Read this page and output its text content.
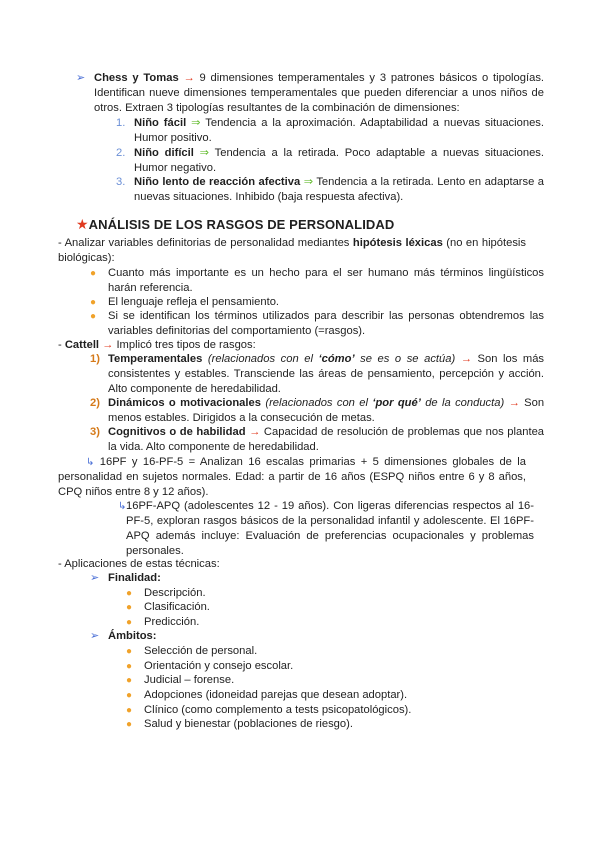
➢ Chess y Tomas → 9 dimensiones temperamentales y 3 patrones básicos o tipologías. Identifican nueve dimensiones temperamentales que pueden diferenciar a unos niños de otros. Extraen 3 tipologías resultantes de la combinación de dimensiones:
1. Niño fácil ⇒ Tendencia a la aproximación. Adaptabilidad a nuevas situaciones. Humor positivo.
2. Niño difícil ⇒ Tendencia a la retirada. Poco adaptable a nuevas situaciones. Humor negativo.
3. Niño lento de reacción afectiva ⇒ Tendencia a la retirada. Lento en adaptarse a nuevas situaciones. Inhibido (baja respuesta afectiva).
★ANÁLISIS DE LOS RASGOS DE PERSONALIDAD
- Analizar variables definitorias de personalidad mediantes hipótesis léxicas (no en hipótesis biológicas):
● Cuanto más importante es un hecho para el ser humano más términos lingüísticos harán referencia.
● El lenguaje refleja el pensamiento.
● Si se identifican los términos utilizados para describir las personas obtendremos las variables definitorias del comportamiento (=rasgos).
- Cattell → Implicó tres tipos de rasgos:
1) Temperamentales (relacionados con el ‘cómo’ se es o se actúa) → Son los más consistentes y estables. Transciende las áreas de pensamiento, percepción y acción. Alto componente de heredabilidad.
2) Dinámicos o motivacionales (relacionados con el ‘por qué’ de la conducta) → Son menos estables. Dirigidos a la consecución de metas.
3) Cognitivos o de habilidad → Capacidad de resolución de problemas que nos plantea la vida. Alto componente de heredabilidad.
↳ 16PF y 16-PF-5 = Analizan 16 escalas primarias + 5 dimensiones globales de la personalidad en sujetos normales. Edad: a partir de 16 años (ESPQ niños entre 6 y 8 años, CPQ niños entre 8 y 12 años).
↳ 16PF-APQ (adolescentes 12 - 19 años). Con ligeras diferencias respectos al 16-PF-5, exploran rasgos básicos de la personalidad infantil y adolescente. El 16PF-APQ además incluye: Evaluación de preferencias ocupacionales y problemas personales.
- Aplicaciones de estas técnicas:
➢ Finalidad:
● Descripción.
● Clasificación.
● Predicción.
➢ Ámbitos:
● Selección de personal.
● Orientación y consejo escolar.
● Judicial – forense.
● Adopciones (idoneidad parejas que desean adoptar).
● Clínico (como complemento a tests psicopatológicos).
● Salud y bienestar (poblaciones de riesgo).
